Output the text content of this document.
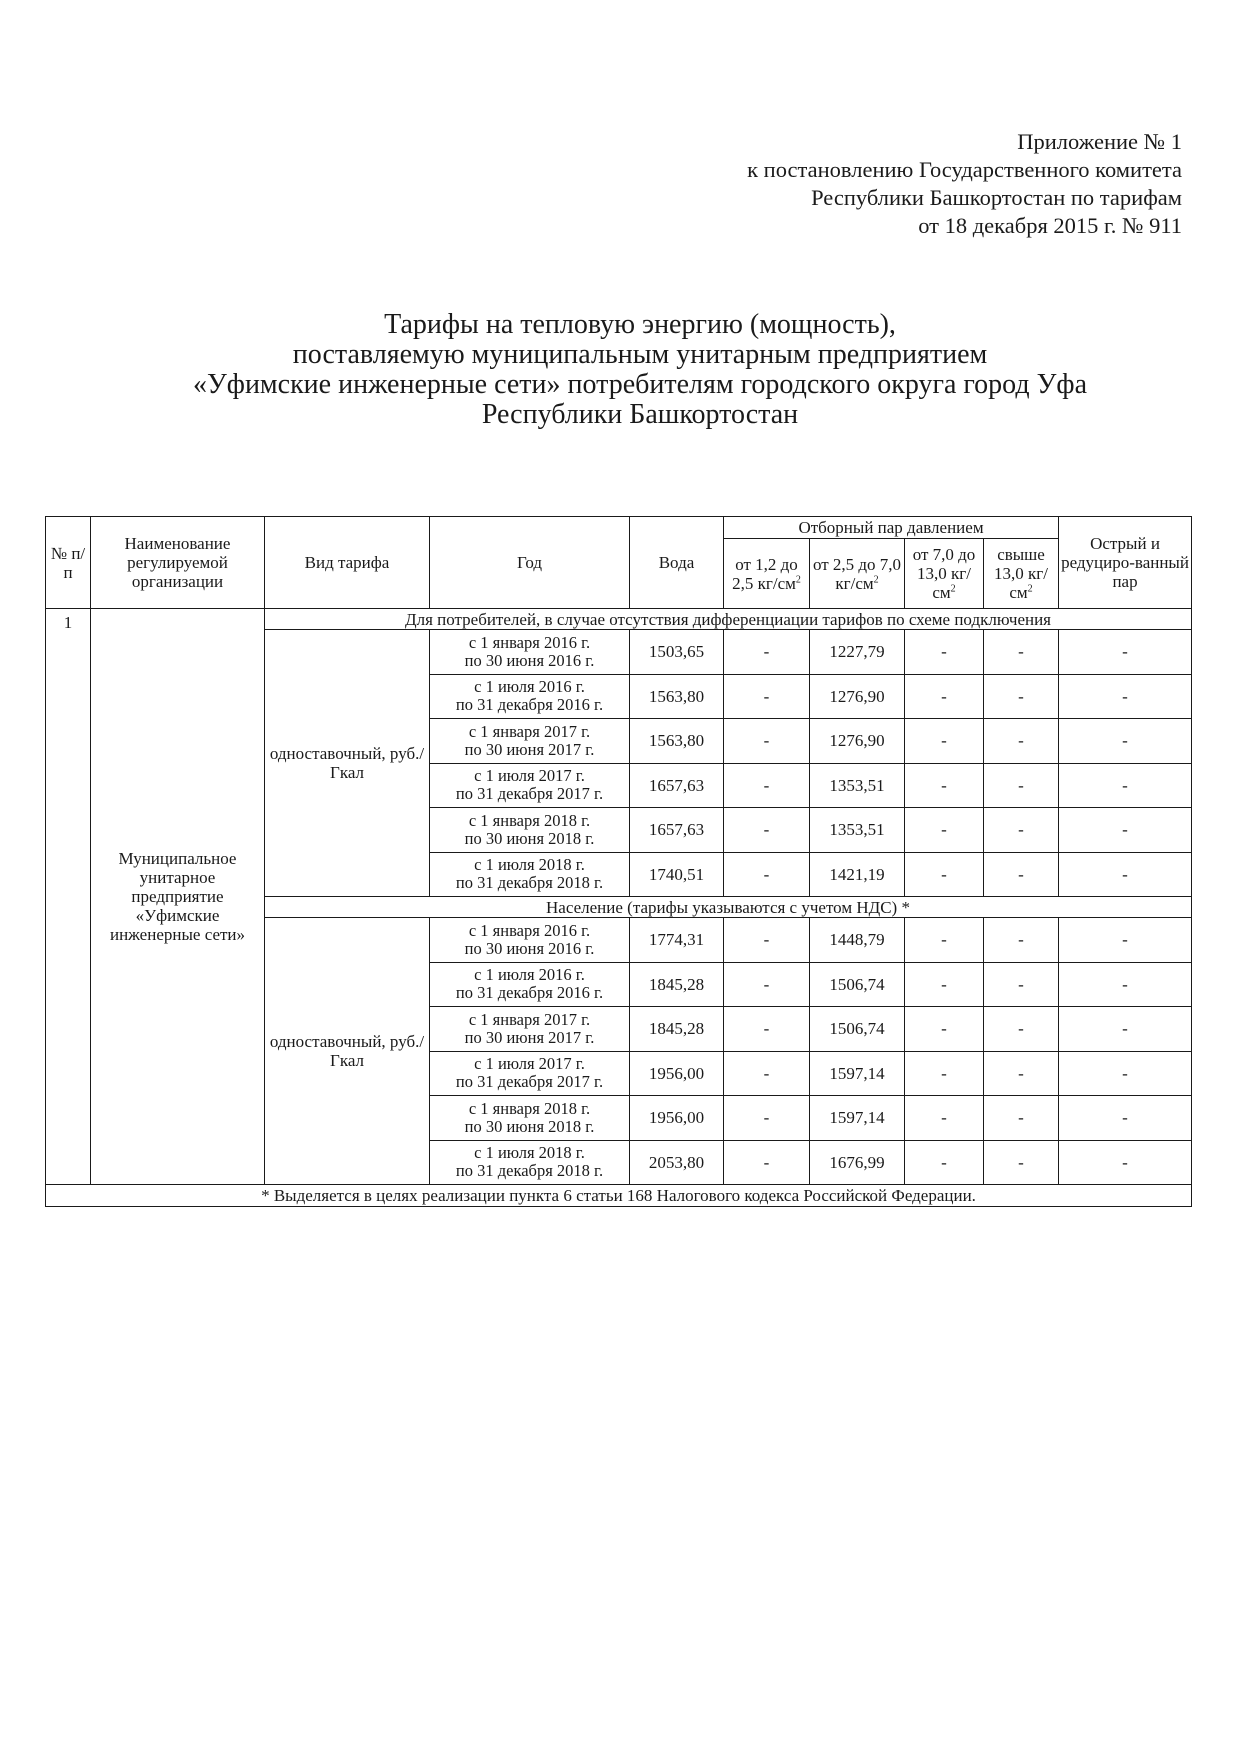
Приложение № 1
к постановлению Государственного комитета
Республики Башкортостан по тарифам
от 18 декабря 2015 г. № 911
Тарифы на тепловую энергию (мощность),
поставляемую муниципальным унитарным предприятием
«Уфимские инженерные сети» потребителям городского округа город Уфа
Республики Башкортостан
№ п/п	Наименование регулируемой организации	Вид тарифа	Год	Вода	Отборный пар давлением				Острый и редуциро-ванный пар
					от 1,2 до 2,5 $кг/см^2$	от 2,5 до 7,0 $кг/см^2$	от 7,0 до 13,0 $кг/см^2$	свыше 13,0 $кг/см^2$
1	Муниципальное унитарное предприятие «Уфимские инженерные сети»	Для потребителей, в случае отсутствия дифференциации тарифов по схеме подключения							
		одноставочный, руб./Гкал	с 1 января 2016 г.
по 30 июня 2016 г.	1503,65	-	1227,79	-	-	-

			с 1 июля 2016 г.
по 31 декабря 2016 г.	1563,80	-	1276,90	-	-	-

			с 1 января 2017 г.
по 30 июня 2017 г.	1563,80	-	1276,90	-	-	-

			с 1 июля 2017 г.
по 31 декабря 2017 г.	1657,63	-	1353,51	-	-	-

			с 1 января 2018 г.
по 30 июня 2018 г.	1657,63	-	1353,51	-	-	-

			с 1 июля 2018 г.
по 31 декабря 2018 г.	1740,51	-	1421,19	-	-	-
		Население (тарифы указываются с учетом НДС) *							
		одноставочный, руб./Гкал	с 1 января 2016 г.
по 30 июня 2016 г.	1774,31	-	1448,79	-	-	-

			с 1 июля 2016 г.
по 31 декабря 2016 г.	1845,28	-	1506,74	-	-	-

			с 1 января 2017 г.
по 30 июня 2017 г.	1845,28	-	1506,74	-	-	-

			с 1 июля 2017 г.
по 31 декабря 2017 г.	1956,00	-	1597,14	-	-	-

			с 1 января 2018 г.
по 30 июня 2018 г.	1956,00	-	1597,14	-	-	-

			с 1 июля 2018 г.
по 31 декабря 2018 г.	2053,80	-	1676,99	-	-	-
* Выделяется в целях реализации пункта 6 статьи 168 Налогового кодекса Российской Федерации.									
